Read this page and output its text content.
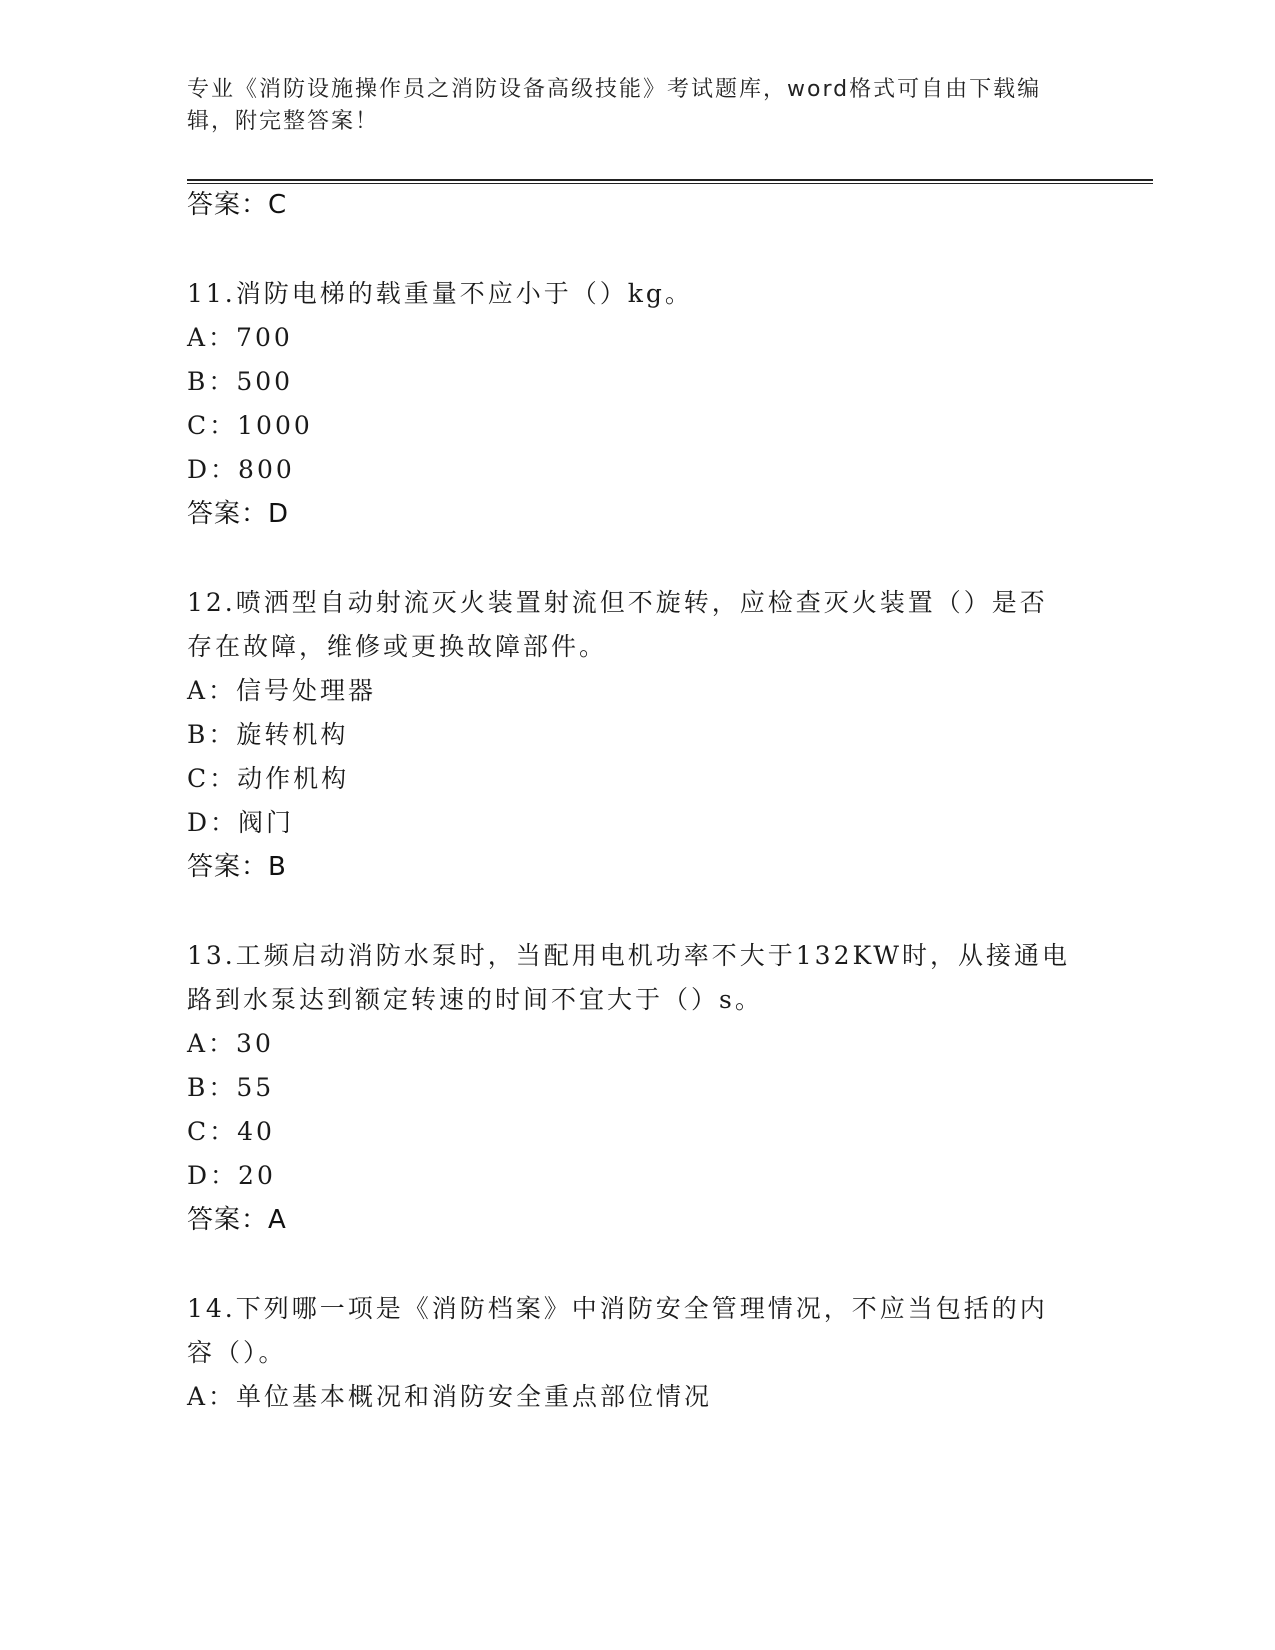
专业《消防设施操作员之消防设备高级技能》考试题库，word格式可自由下载编辑，附完整答案！
答案：C
11.消防电梯的载重量不应小于（）kg。
A：700
B：500
C：1000
D：800
答案：D
12.喷洒型自动射流灭火装置射流但不旋转，应检查灭火装置（）是否
存在故障，维修或更换故障部件。
A：信号处理器
B：旋转机构
C：动作机构
D：阀门
答案：B
13.工频启动消防水泵时，当配用电机功率不大于132KW时，从接通电
路到水泵达到额定转速的时间不宜大于（）s。
A：30
B：55
C：40
D：20
答案：A
14.下列哪一项是《消防档案》中消防安全管理情况，不应当包括的内
容（）。
A：单位基本概况和消防安全重点部位情况
